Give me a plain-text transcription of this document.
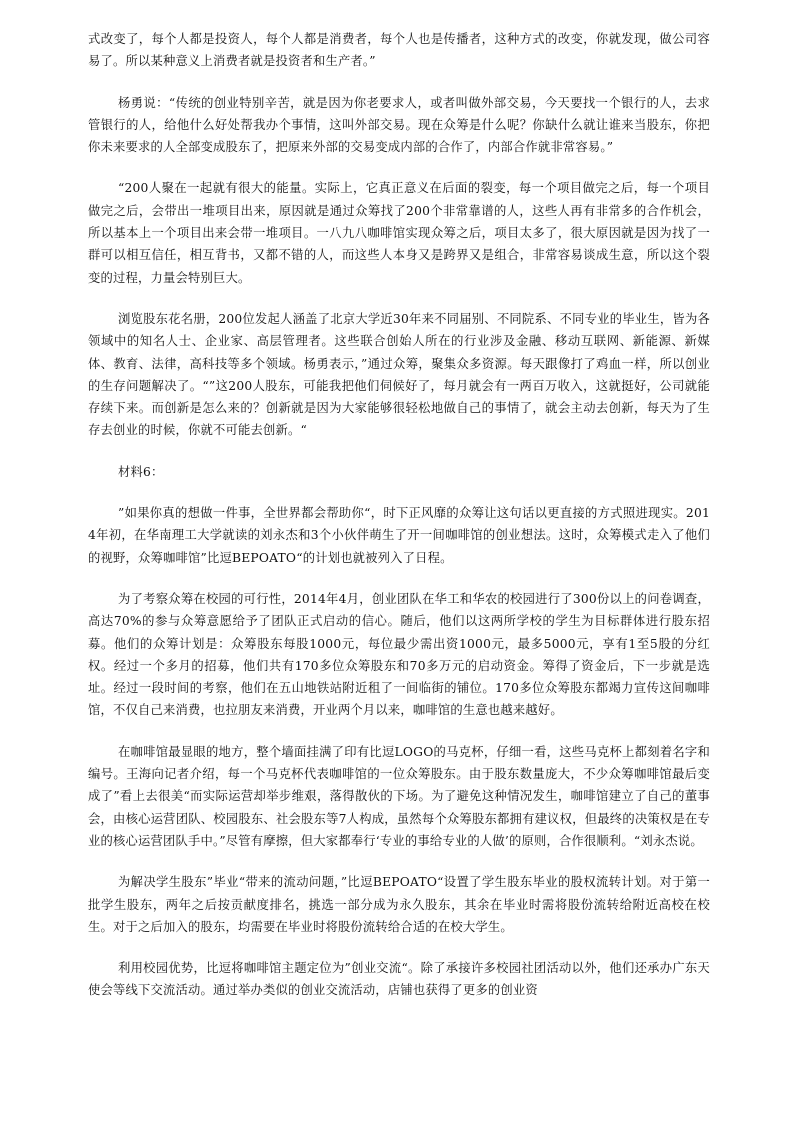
式改变了，每个人都是投资人，每个人都是消费者，每个人也是传播者，这种方式的改变，你就发现，做公司容易了。所以某种意义上消费者就是投资者和生产者。”

杨勇说：“传统的创业特别辛苦，就是因为你老要求人，或者叫做外部交易，今天要找一个银行的人，去求管银行的人，给他什么好处帮我办个事情，这叫外部交易。现在众筹是什么呢？你缺什么就让谁来当股东，你把你未来要求的人全部变成股东了，把原来外部的交易变成内部的合作了，内部合作就非常容易。”

“200人聚在一起就有很大的能量。实际上，它真正意义在后面的裂变，每一个项目做完之后，每一个项目做完之后，会带出一堆项目出来，原因就是通过众筹找了200个非常靠谱的人，这些人再有非常多的合作机会，所以基本上一个项目出来会带一堆项目。一八九八咖啡馆实现众筹之后，项目太多了，很大原因就是因为找了一群可以相互信任，相互背书，又都不错的人，而这些人本身又是跨界又是组合，非常容易谈成生意，所以这个裂变的过程，力量会特别巨大。

浏览股东花名册，200位发起人涵盖了北京大学近30年来不同届别、不同院系、不同专业的毕业生，皆为各领域中的知名人士、企业家、高层管理者。这些联合创始人所在的行业涉及金融、移动互联网、新能源、新媒体、教育、法律，高科技等多个领域。杨勇表示，”通过众筹，聚集众多资源。每天跟像打了鸡血一样，所以创业的生存问题解决了。“”这200人股东，可能我把他们伺候好了，每月就会有一两百万收入，这就挺好，公司就能存续下来。而创新是怎么来的？创新就是因为大家能够很轻松地做自己的事情了，就会主动去创新，每天为了生存去创业的时候，你就不可能去创新。“

材料6：

”如果你真的想做一件事，全世界都会帮助你“，时下正风靡的众筹让这句话以更直接的方式照进现实。2014年初，在华南理工大学就读的刘永杰和3个小伙伴萌生了开一间咖啡馆的创业想法。这时，众筹模式走入了他们的视野，众筹咖啡馆”比逗BEPOATO“的计划也就被列入了日程。

为了考察众筹在校园的可行性，2014年4月，创业团队在华工和华农的校园进行了300份以上的问卷调查，高达70%的参与众筹意愿给予了团队正式启动的信心。随后，他们以这两所学校的学生为目标群体进行股东招募。他们的众筹计划是：众筹股东每股1000元，每位最少需出资1000元，最多5000元，享有1至5股的分红权。经过一个多月的招募，他们共有170多位众筹股东和70多万元的启动资金。筹得了资金后，下一步就是选址。经过一段时间的考察，他们在五山地铁站附近租了一间临街的铺位。170多位众筹股东都竭力宣传这间咖啡馆，不仅自己来消费，也拉朋友来消费，开业两个月以来，咖啡馆的生意也越来越好。

在咖啡馆最显眼的地方，整个墙面挂满了印有比逗LOGO的马克杯，仔细一看，这些马克杯上都刻着名字和编号。王海向记者介绍，每一个马克杯代表咖啡馆的一位众筹股东。由于股东数量庞大，不少众筹咖啡馆最后变成了”看上去很美“而实际运营却举步维艰，落得散伙的下场。为了避免这种情况发生，咖啡馆建立了自己的董事会，由核心运营团队、校园股东、社会股东等7人构成，虽然每个众筹股东都拥有建议权，但最终的决策权是在专业的核心运营团队手中。”尽管有摩擦，但大家都奉行‘专业的事给专业的人做’的原则，合作很顺利。“刘永杰说。

为解决学生股东”毕业“带来的流动问题，”比逗BEPOATO“设置了学生股东毕业的股权流转计划。对于第一批学生股东，两年之后按贡献度排名，挑选一部分成为永久股东，其余在毕业时需将股份流转给附近高校在校生。对于之后加入的股东，均需要在毕业时将股份流转给合适的在校大学生。

利用校园优势，比逗将咖啡馆主题定位为”创业交流“。除了承接许多校园社团活动以外，他们还承办广东天使会等线下交流活动。通过举办类似的创业交流活动，店铺也获得了更多的创业资
